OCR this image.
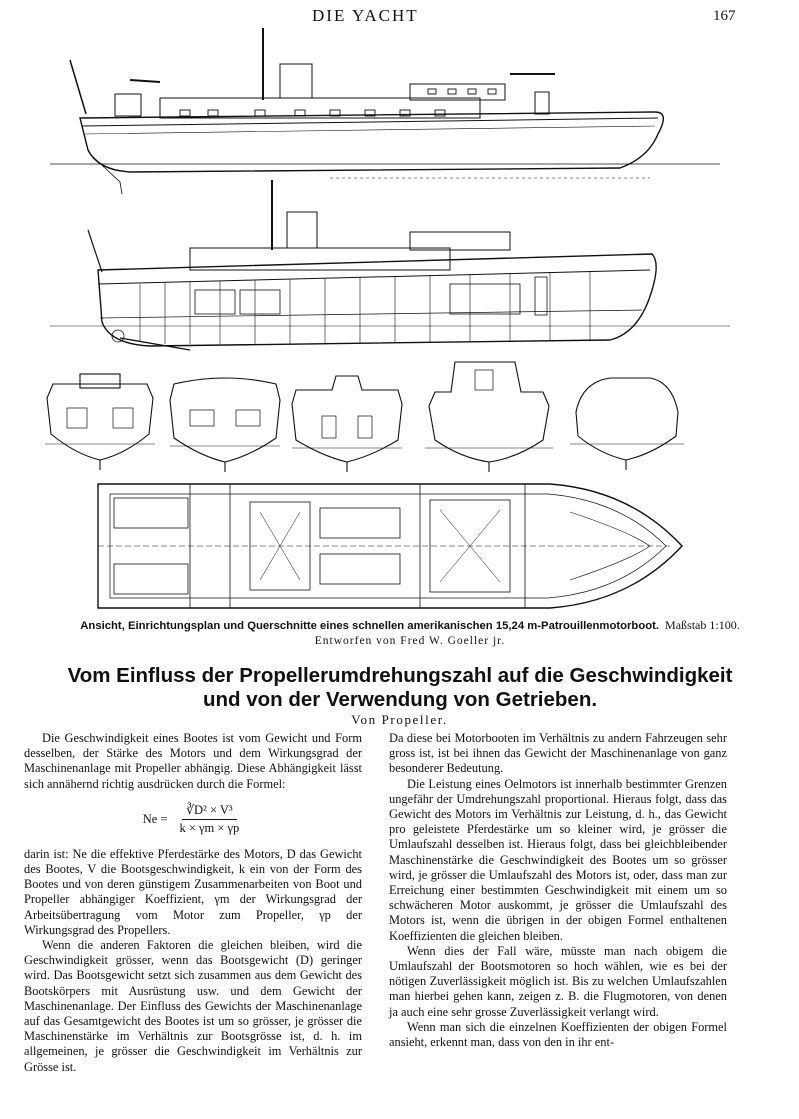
DIE YACHT	167
Ansicht, Einrichtungsplan und Querschnitte eines schnellen amerikanischen 15,24 m-Patrouillenmotorboot. Maßstab 1:100.
Entworfen von Fred W. Goeller jr.
Vom Einfluss der Propellerumdrehungszahl auf die Geschwindigkeit
und von der Verwendung von Getrieben.
Von Propeller.

Die Geschwindigkeit eines Bootes ist vom Gewicht und Form desselben, der Stärke des Motors und dem Wirkungsgrad der Maschinenanlage mit Propeller abhängig. Diese Abhängigkeit lässt sich annähernd richtig ausdrücken durch die Formel:

$Ne = \frac{\text{∛D² × V³}}{k \times \gamma m \times \gamma p}$

darin ist: Ne die effektive Pferdestärke des Motors, D das Gewicht des Bootes, V die Bootsgeschwindigkeit, k ein von der Form des Bootes und von deren günstigem Zusammenarbeiten von Boot und Propeller abhängiger Koeffizient, γm der Wirkungsgrad der Arbeitsübertragung vom Motor zum Propeller, γp der Wirkungsgrad des Propellers.

Wenn die anderen Faktoren die gleichen bleiben, wird die Geschwindigkeit grösser, wenn das Bootsgewicht (D) geringer wird. Das Bootsgewicht setzt sich zusammen aus dem Gewicht des Bootskörpers mit Ausrüstung usw. und dem Gewicht der Maschinenanlage. Der Einfluss des Gewichts der Maschinenanlage auf das Gesamtgewicht des Bootes ist um so grösser, je grösser die Maschinenstärke im Verhältnis zur Bootsgrösse ist, d. h. im allgemeinen, je grösser die Geschwindigkeit im Verhältnis zur Grösse ist.

Da diese bei Motorbooten im Verhältnis zu andern Fahrzeugen sehr gross ist, ist bei ihnen das Gewicht der Maschinenanlage von ganz besonderer Bedeutung.

Die Leistung eines Oelmotors ist innerhalb bestimmter Grenzen ungefähr der Umdrehungszahl proportional. Hieraus folgt, dass das Gewicht des Motors im Verhältnis zur Leistung, d. h., das Gewicht pro geleistete Pferdestärke um so kleiner wird, je grösser die Umlaufszahl desselben ist. Hieraus folgt, dass bei gleichbleibender Maschinenstärke die Geschwindigkeit des Bootes um so grösser wird, je grösser die Umlaufszahl des Motors ist, oder, dass man zur Erreichung einer bestimmten Geschwindigkeit mit einem um so schwächeren Motor auskommt, je grösser die Umlaufszahl des Motors ist, wenn die übrigen in der obigen Formel enthaltenen Koeffizienten die gleichen bleiben.

Wenn dies der Fall wäre, müsste man nach obigem die Umlaufszahl der Bootsmotoren so hoch wählen, wie es bei der nötigen Zuverlässigkeit möglich ist. Bis zu welchen Umlaufszahlen man hierbei gehen kann, zeigen z. B. die Flugmotoren, von denen ja auch eine sehr grosse Zuverlässigkeit verlangt wird.

Wenn man sich die einzelnen Koeffizienten der obigen Formel ansieht, erkennt man, dass von den in ihr ent-
